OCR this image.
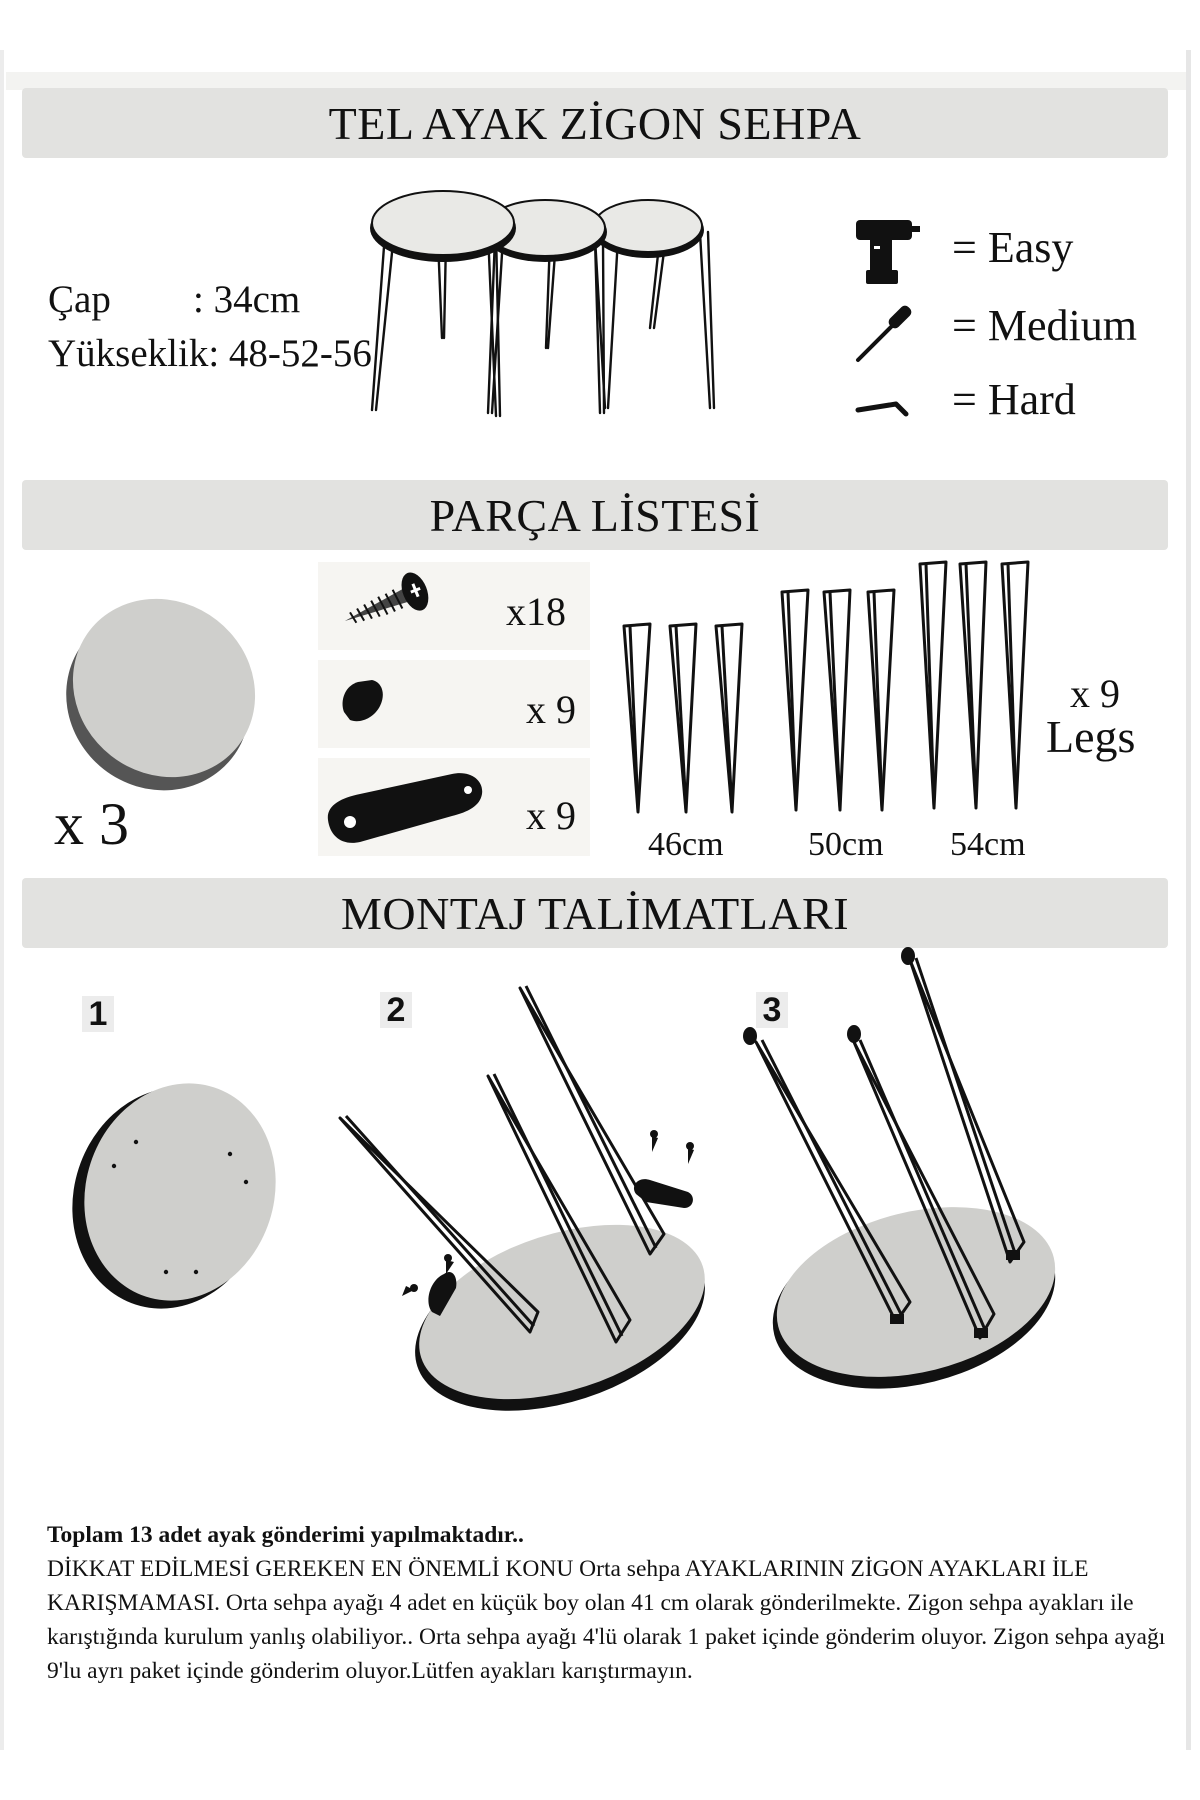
TEL AYAK ZİGON SEHPA
Çap : 34cm
Yükseklik: 48-52-56
= Easy
= Medium
= Hard
PARÇA LİSTESİ
x 3
x18
x 9
x 9
46cm 50cm 54cm
x 9
Legs
MONTAJ TALİMATLARI
1	2	3

Toplam 13 adet ayak gönderimi yapılmaktadır..

DİKKAT EDİLMESİ GEREKEN EN ÖNEMLİ KONU Orta sehpa AYAKLARININ ZİGON AYAKLARI İLE KARIŞMAMASI. Orta sehpa ayağı 4 adet en küçük boy olan 41 cm olarak gönderilmekte. Zigon sehpa ayakları ile karıştığında kurulum yanlış olabiliyor.. Orta sehpa ayağı 4'lü olarak 1 paket içinde gönderim oluyor. Zigon sehpa ayağı 9'lu ayrı paket içinde gönderim oluyor.Lütfen ayakları karıştırmayın.
